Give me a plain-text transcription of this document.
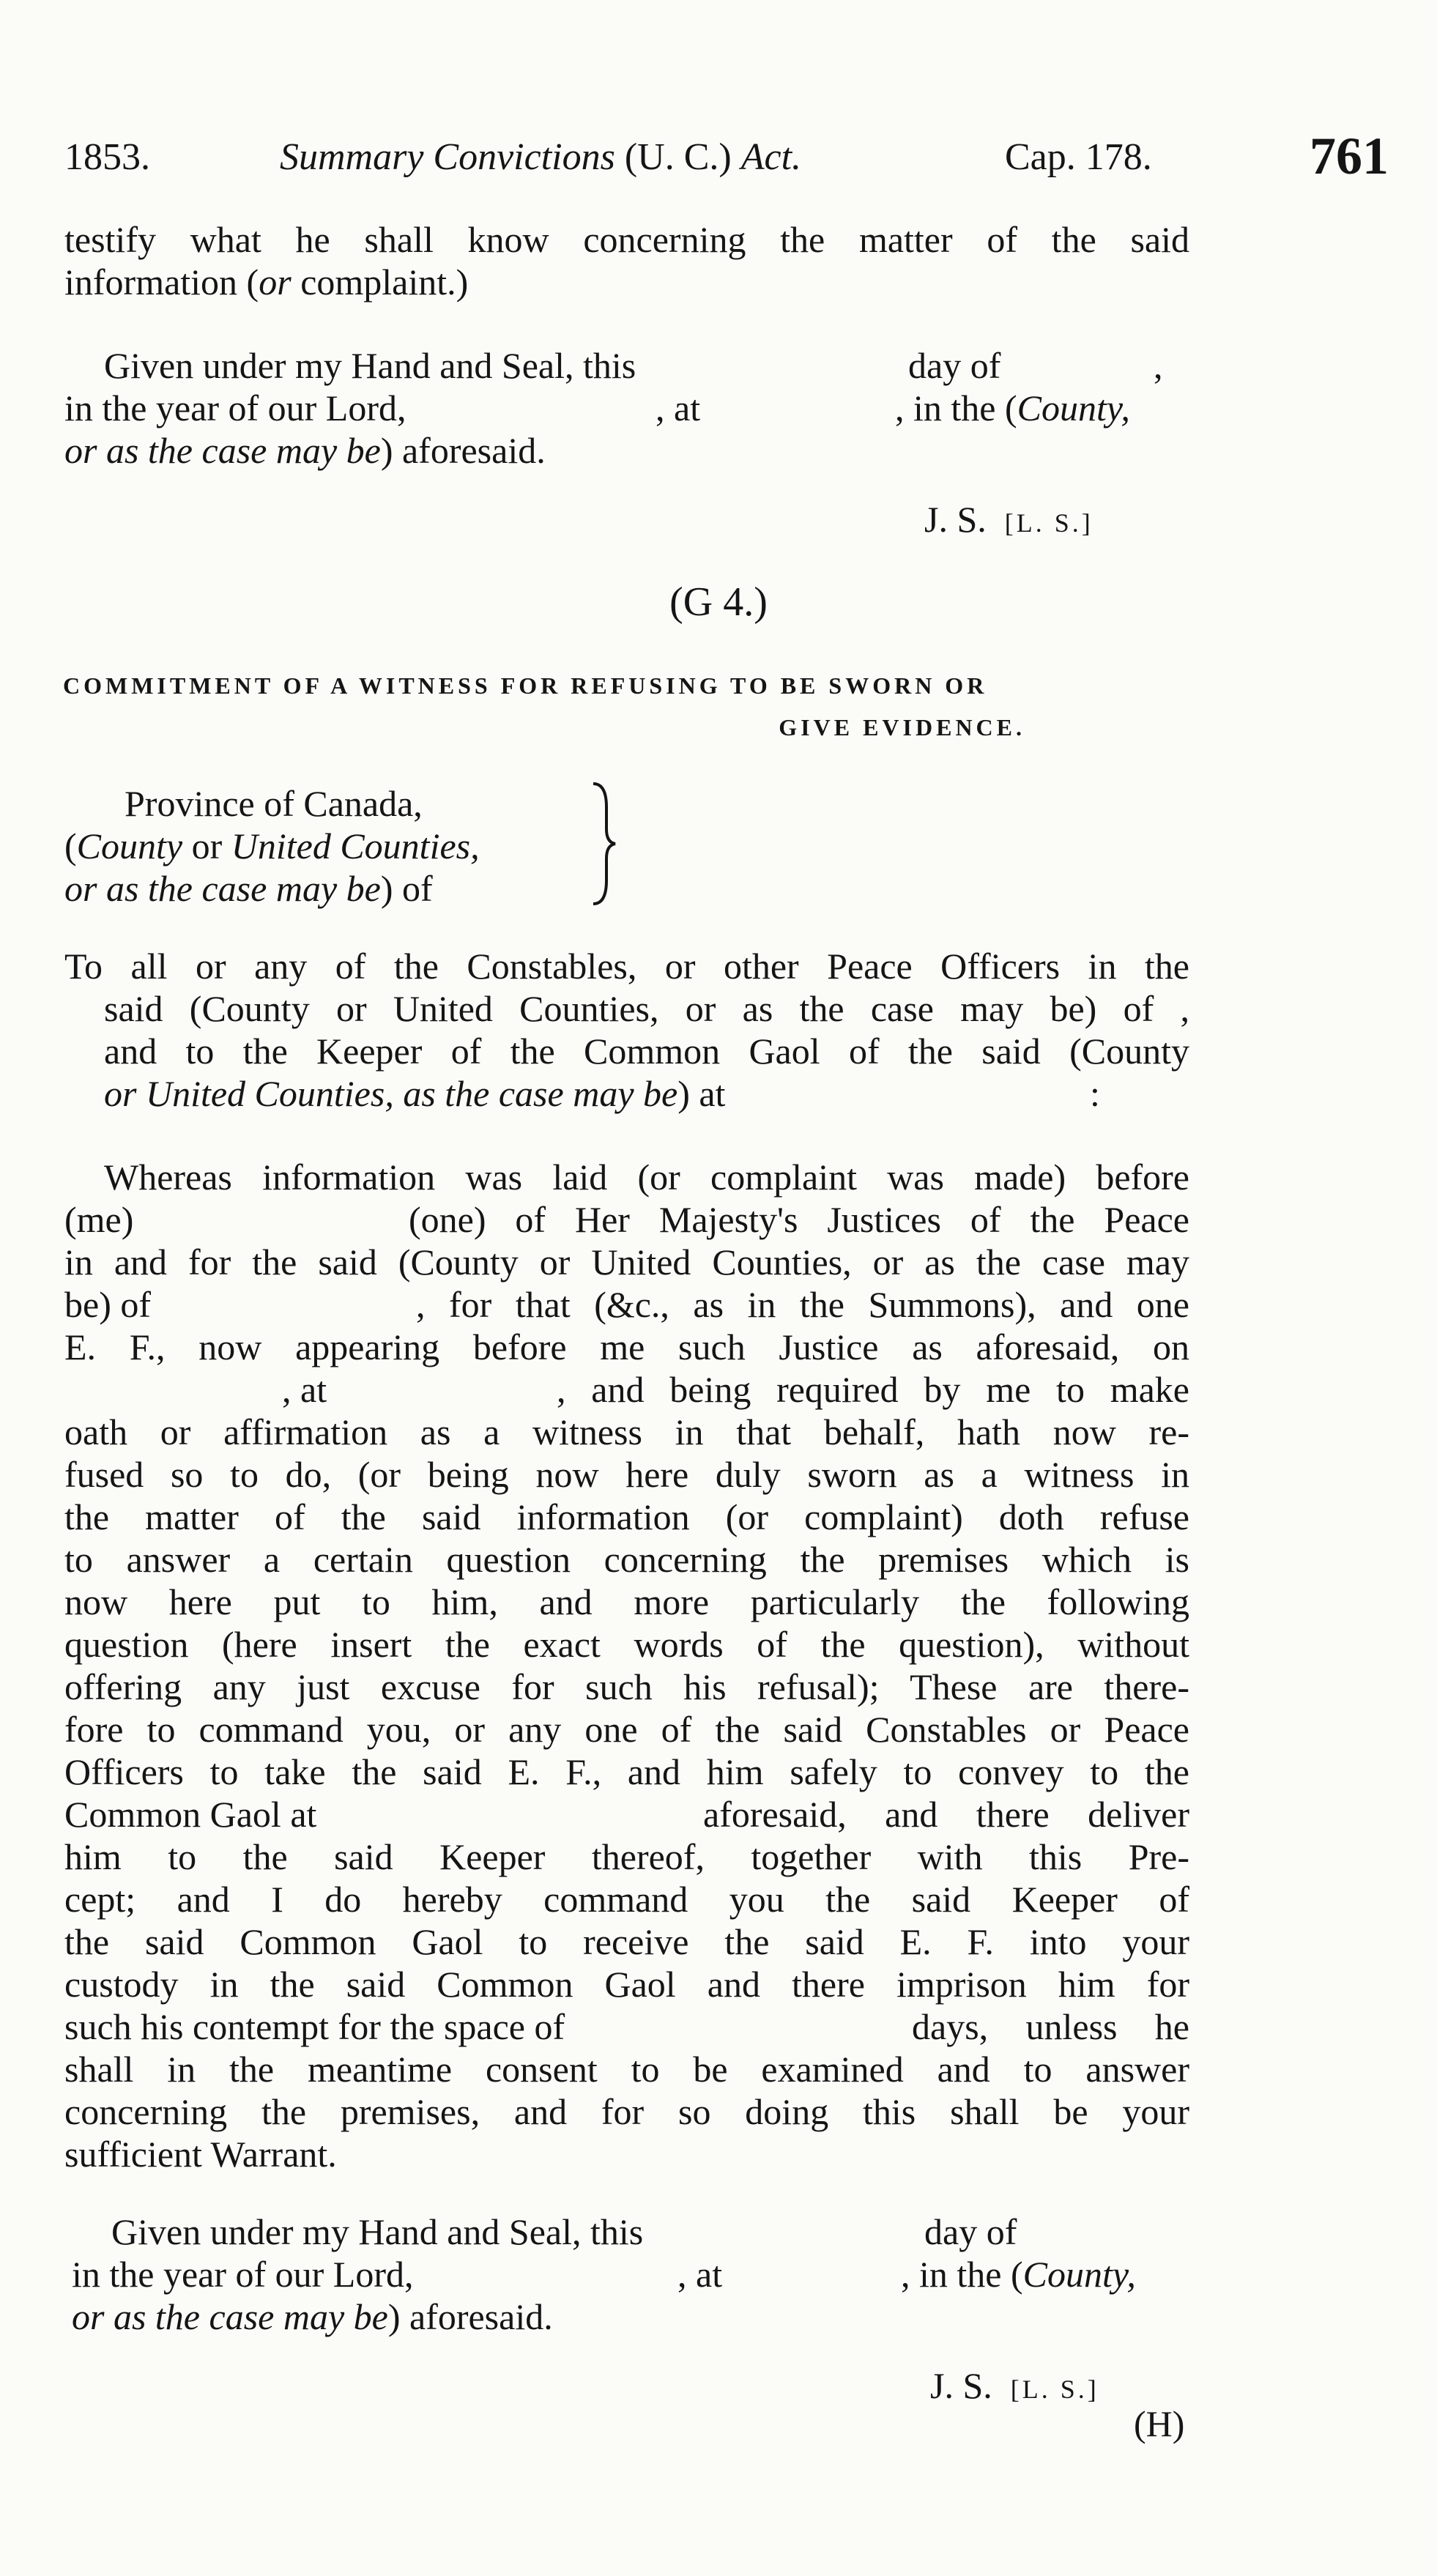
1853.	Summary Convictions (U. C.) Act.	Cap. 178.	761
testify what he shall know concerning the matter of the said
information (or complaint.)
Given under my Hand and Seal, this	day of	,
in the year of our Lord,	, at	, in the (County,
or as the case may be) aforesaid.
J. S. [L. S.]
(G 4.)
COMMITMENT OF A WITNESS FOR REFUSING TO BE SWORN OR
GIVE EVIDENCE.
Province of Canada,
(County or United Counties,
or as the case may be) of
To all or any of the Constables, or other Peace Officers in the
said (County or United Counties, or as the case may be) of ,
and to the Keeper of the Common Gaol of the said (County
or United Counties, as the case may be) at	:
Whereas information was laid (or complaint was made) before
(me)	(one) of Her Majesty's Justices of the Peace
in and for the said (County or United Counties, or as the case may
be) of	, for that (&c., as in the Summons), and one
E. F., now appearing before me such Justice as aforesaid, on
, at	, and being required by me to make
oath or affirmation as a witness in that behalf, hath now re-
fused so to do, (or being now here duly sworn as a witness in
the matter of the said information (or complaint) doth refuse
to answer a certain question concerning the premises which is
now here put to him, and more particularly the following
question (here insert the exact words of the question), without
offering any just excuse for such his refusal); These are there-
fore to command you, or any one of the said Constables or Peace
Officers to take the said E. F., and him safely to convey to the
Common Gaol at	aforesaid, and there deliver
him to the said Keeper thereof, together with this Pre-
cept; and I do hereby command you the said Keeper of
the said Common Gaol to receive the said E. F. into your
custody in the said Common Gaol and there imprison him for
such his contempt for the space of	days, unless he
shall in the meantime consent to be examined and to answer
concerning the premises, and for so doing this shall be your
sufficient Warrant.
Given under my Hand and Seal, this	day of
in the year of our Lord,	, at	, in the (County,
or as the case may be) aforesaid.
J. S. [L. S.]
(H)
